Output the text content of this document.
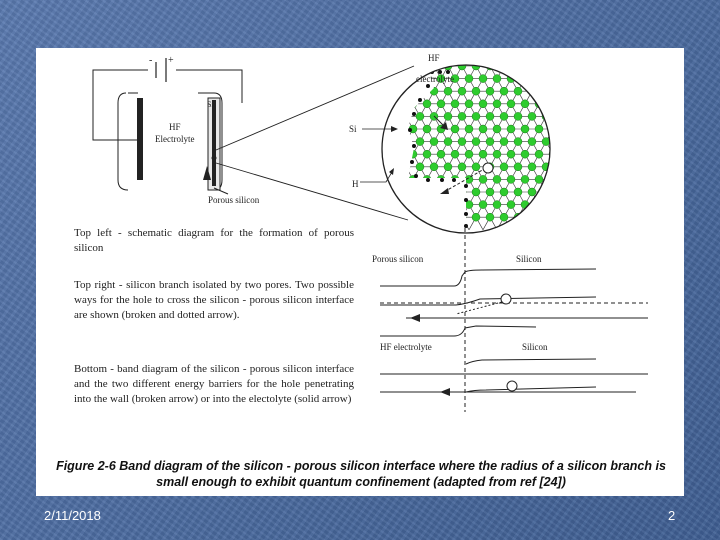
- +
Si
HF
Electrolyte
Porous silicon
HF
electrolyte
Si
H
Porous silicon	Silicon
HF electrolyte	Silicon
Top left - schematic diagram for the formation of porous silicon
Top right - silicon branch isolated by two pores. Two possible ways for the hole to cross the silicon - porous silicon interface are shown (broken and dotted arrow).
Bottom - band diagram of the silicon - porous silicon interface and the two different energy barriers for the hole penetrating into the wall (broken arrow) or into the electolyte (solid arrow)
Figure 2-6 Band diagram of the silicon - porous silicon interface where the radius of a silicon branch is small enough to exhibit quantum confinement (adapted from ref [24])
2/11/2018	2
